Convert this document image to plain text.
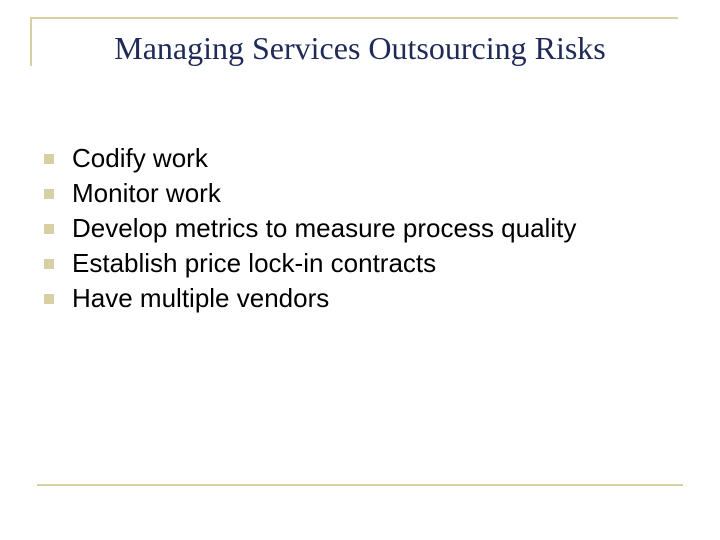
Managing Services Outsourcing Risks
Codify work
Monitor work
Develop metrics to measure process quality
Establish price lock-in contracts
Have multiple vendors
